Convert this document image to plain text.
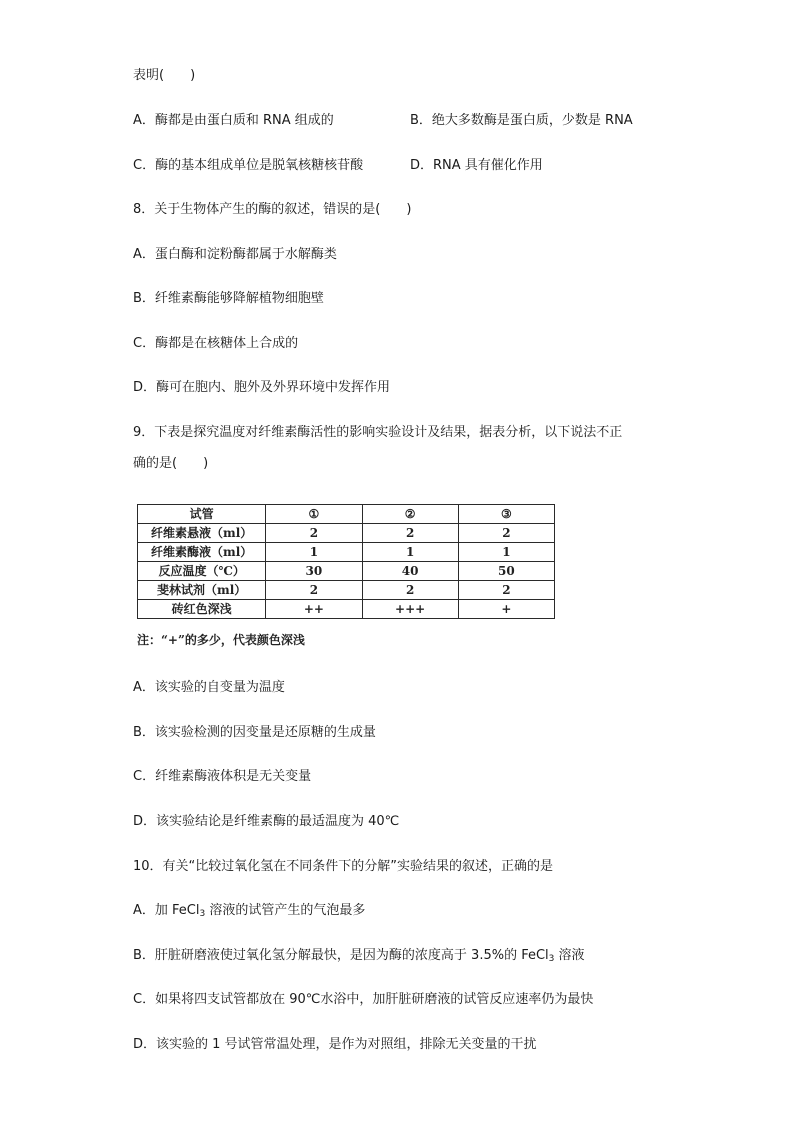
表明(　　)
A．酶都是由蛋白质和 RNA 组成的	B．绝大多数酶是蛋白质，少数是 RNA
C．酶的基本组成单位是脱氧核糖核苷酸	D．RNA 具有催化作用
8．关于生物体产生的酶的叙述，错误的是(　　)
A．蛋白酶和淀粉酶都属于水解酶类
B．纤维素酶能够降解植物细胞壁
C．酶都是在核糖体上合成的
D．酶可在胞内、胞外及外界环境中发挥作用
9．下表是探究温度对纤维素酶活性的影响实验设计及结果，据表分析，以下说法不正
确的是(　　)
试管	①	②	③
纤维素悬液（ml）	2	2	2
纤维素酶液（ml）	1	1	1
反应温度（℃）	30	40	50
斐林试剂（ml）	2	2	2
砖红色深浅	++	+++	+
注：“+”的多少，代表颜色深浅
A．该实验的自变量为温度
B．该实验检测的因变量是还原糖的生成量
C．纤维素酶液体积是无关变量
D．该实验结论是纤维素酶的最适温度为 40℃
10．有关“比较过氧化氢在不同条件下的分解”实验结果的叙述，正确的是
A．加 FeCl$_3$ 溶液的试管产生的气泡最多
B．肝脏研磨液使过氧化氢分解最快，是因为酶的浓度高于 3.5%的 FeCl$_3$ 溶液
C．如果将四支试管都放在 90℃水浴中，加肝脏研磨液的试管反应速率仍为最快
D．该实验的 1 号试管常温处理，是作为对照组，排除无关变量的干扰
